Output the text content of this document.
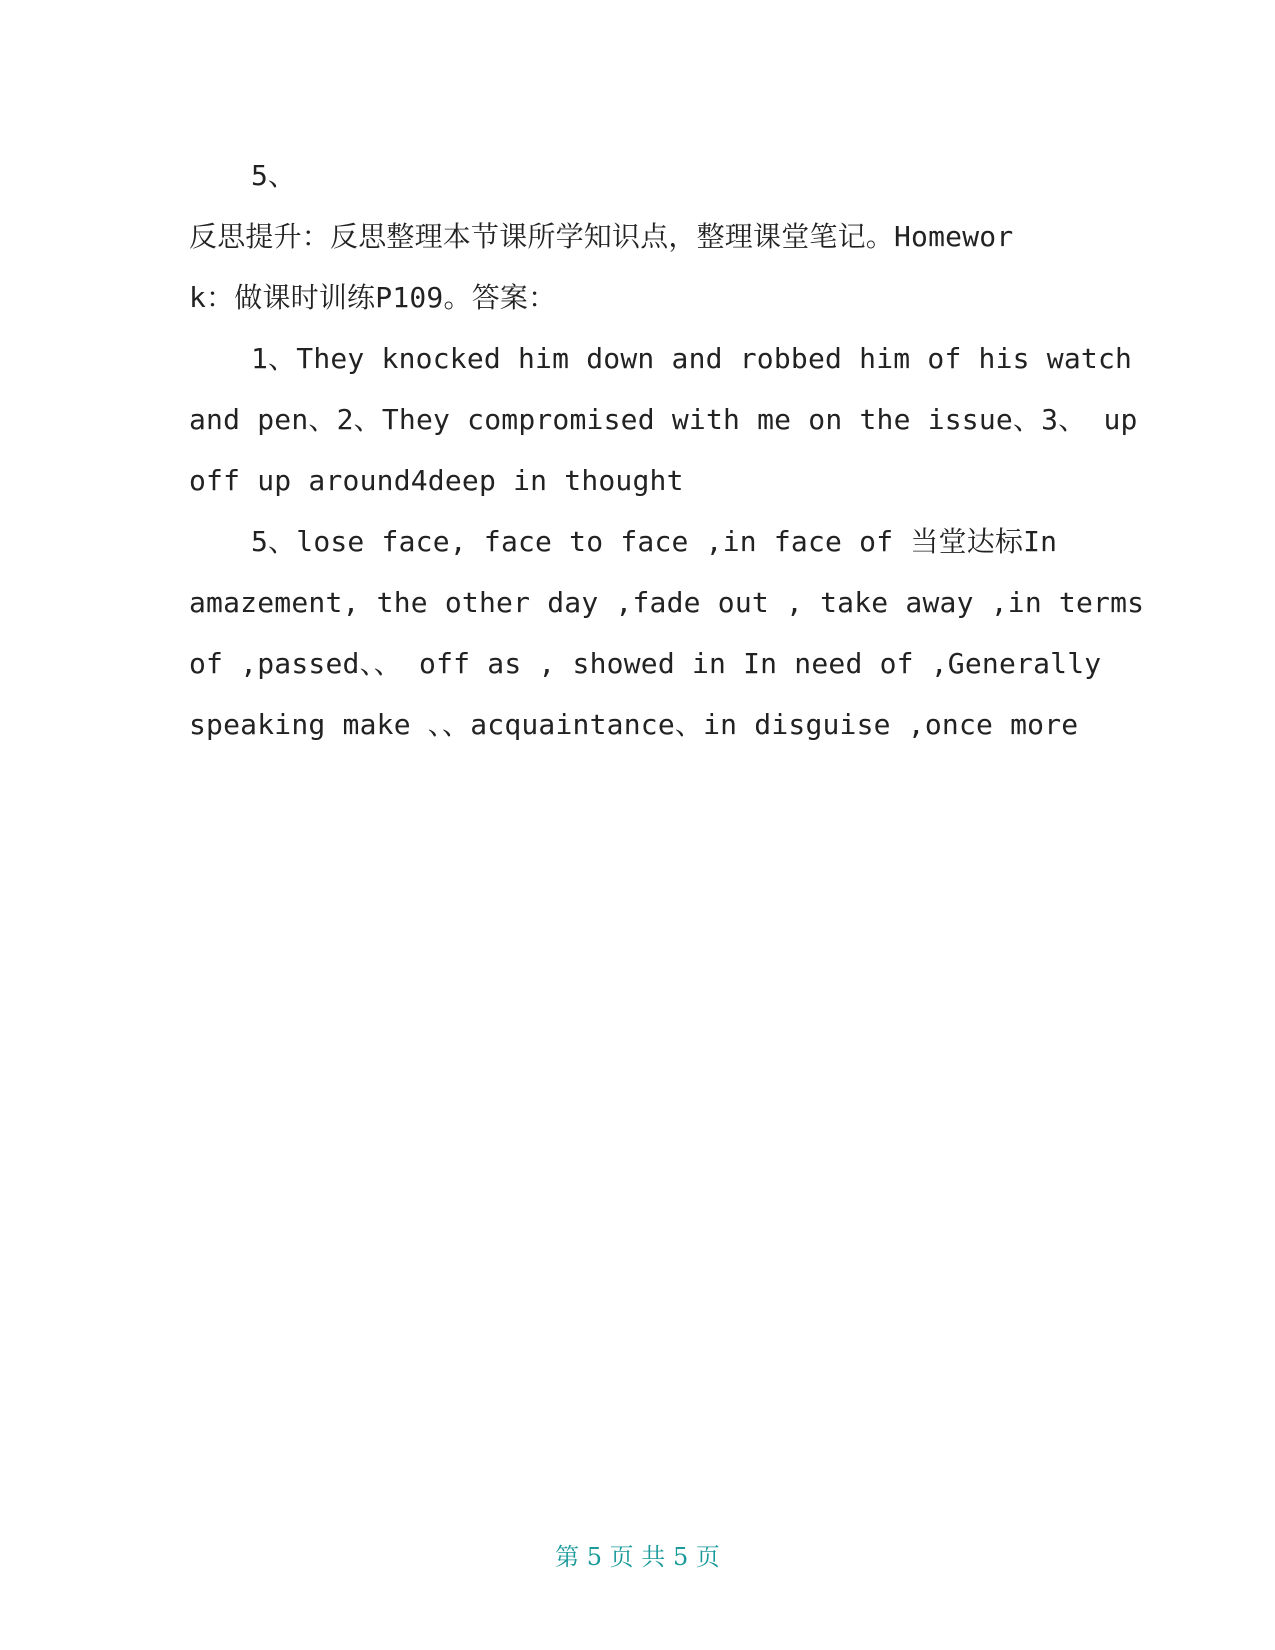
5、
反思提升：反思整理本节课所学知识点，整理课堂笔记。Homewor
k：做课时训练P109。答案：
1、They knocked him down and robbed him of his watch
and pen、2、They compromised with me on the issue、3、 up
off up around4deep in thought
5、lose face, face to face ,in face of 当堂达标In
amazement, the other day ,fade out , take away ,in terms
of ,passed、、 off as , showed in In need of ,Generally
speaking make 、、acquaintance、in disguise ,once more
第 5 页 共 5 页
